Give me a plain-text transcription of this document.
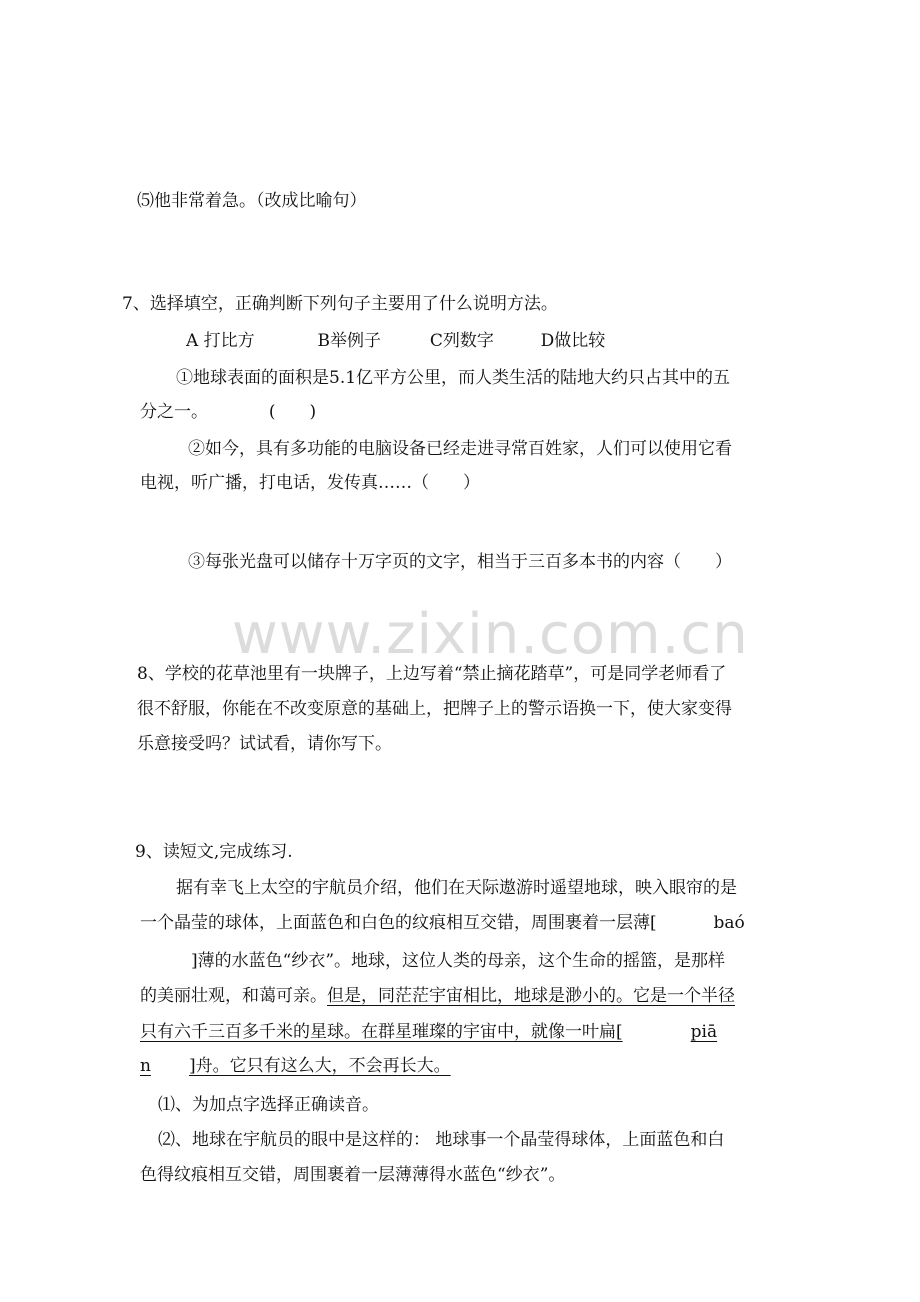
www.zixin.com.cn
⑸他非常着急。（改成比喻句）
7、选择填空，正确判断下列句子主要用了什么说明方法。
A 打比方	B举例子	C列数字	D做比较
①地球表面的面积是5.1亿平方公里，而人类生活的陆地大约只占其中的五
分之一。	(　　)
②如今，具有多功能的电脑设备已经走进寻常百姓家，人们可以使用它看
电视，听广播，打电话，发传真……（　　）
③每张光盘可以储存十万字页的文字，相当于三百多本书的内容（　　）
8、学校的花草池里有一块牌子，上边写着“禁止摘花踏草”，可是同学老师看了
很不舒服，你能在不改变原意的基础上，把牌子上的警示语换一下，使大家变得
乐意接受吗？试试看，请你写下。
9、读短文,完成练习.
据有幸飞上太空的宇航员介绍，他们在天际遨游时遥望地球，映入眼帘的是
一个晶莹的球体，上面蓝色和白色的纹痕相互交错，周围裹着一层薄[	baó
]薄的水蓝色“纱衣”。地球，这位人类的母亲，这个生命的摇篮，是那样
的美丽壮观，和蔼可亲。但是，同茫茫宇宙相比，地球是渺小的。它是一个半径
只有六千三百多千米的星球。在群星璀璨的宇宙中，就像一叶扁[	piā
n ]舟。它只有这么大，不会再长大。
⑴、为加点字选择正确读音。
⑵、地球在宇航员的眼中是这样的： 地球事一个晶莹得球体，上面蓝色和白
色得纹痕相互交错，周围裹着一层薄薄得水蓝色“纱衣”。
